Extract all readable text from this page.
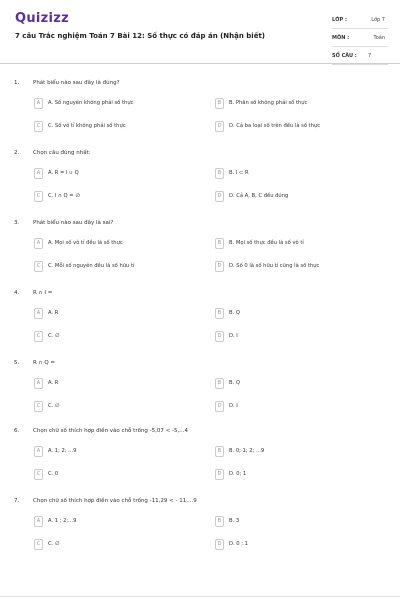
Quizizz
7 câu Trắc nghiệm Toán 7 Bài 12: Số thực có đáp án (Nhận biết)
LỚP :	Lớp 7
MÔN :	Toán
SỐ CÂU :	7
1.	Phát biểu nào sau đây là đúng?
A	A. Số nguyên không phải số thực	B	B. Phân số không phải số thực
C	C. Số vô tỉ không phải số thực	D	D. Cả ba loại số trên đều là số thực
2.	Chọn câu đúng nhất:
A	A. R = I ∪ Q	B	B. I ⊂ R
C	C. I ∩ Q = ∅	D	D. Cả A, B, C đều đúng
3.	Phát biểu nào sau đây là sai?
A	A. Mọi số vô tỉ đều là số thực	B	B. Mọi số thực đều là số vô tỉ
C	C. Mỗi số nguyên đều là số hữu tỉ	D	D. Số 0 là số hữu tỉ cũng là số thực
4.	R ∩ I =
A	A. R	B	B. Q
C	C. ∅	D	D. I
5.	R ∩ Q =
A	A. R	B	B. Q
C	C. ∅	D	D. I
6.	Chọn chữ số thích hợp điền vào chỗ trống -5,07 < -5,...4
A	A. 1; 2; ...9	B	B. 0; 1; 2; ...9
C	C. 0	D	D. 0; 1
7.	Chọn chữ số thích hợp điền vào chỗ trống -11,29 < - 11,...9
A	A. 1 ; 2;...9	B	B. 3
C	C. ∅	D	D. 0 ; 1
